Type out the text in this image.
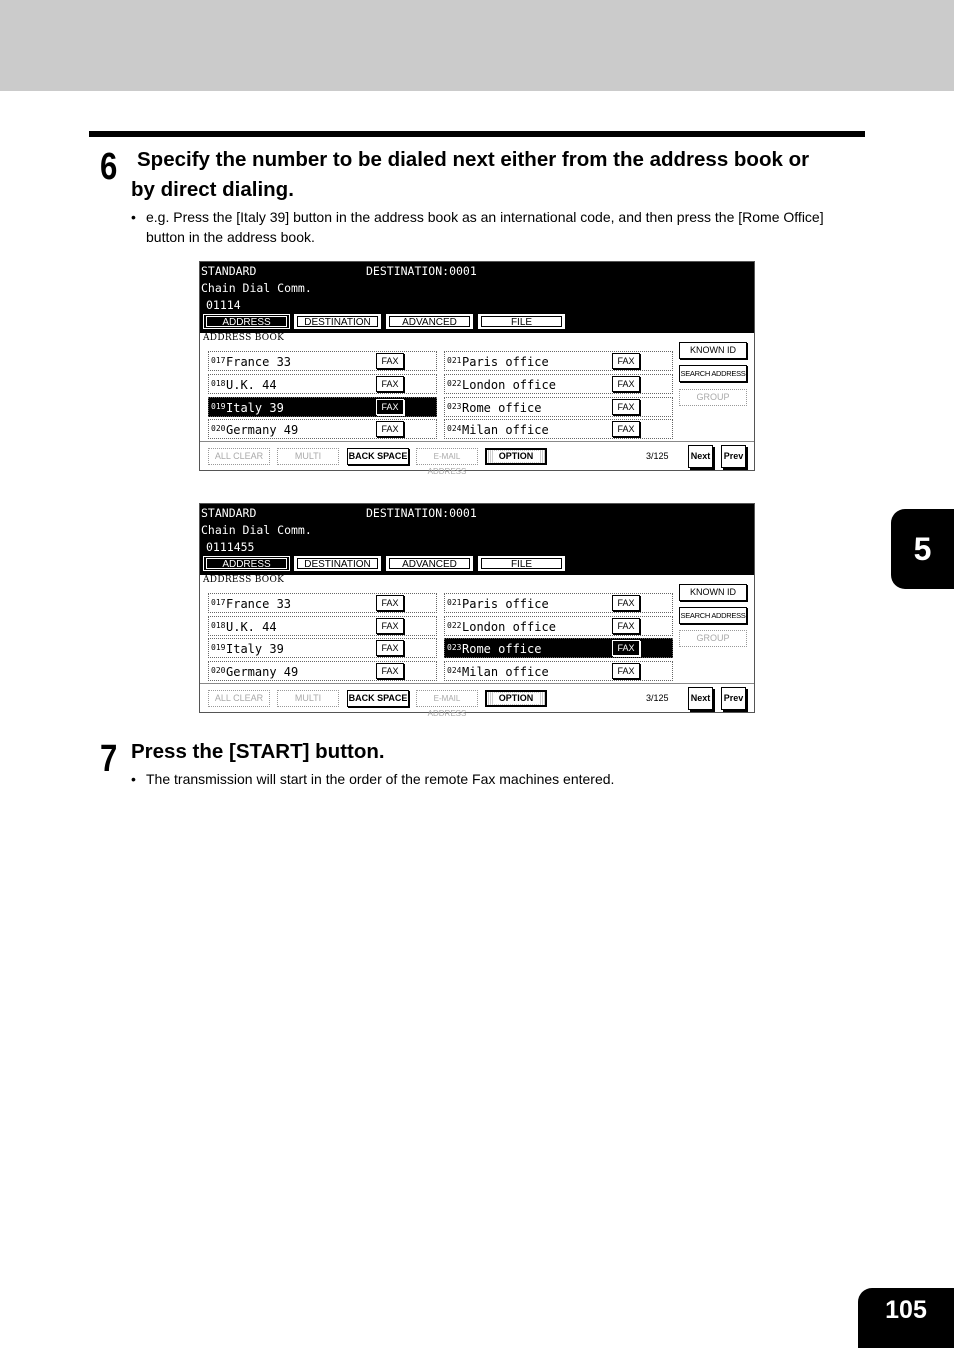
6 Specify the number to be dialed next either from the address book or
by direct dialing.
• e.g. Press the [Italy 39] button in the address book as an international code, and then press the [Rome Office]
button in the address book.
STANDARD	DESTINATION:0001
Chain Dial Comm.
01114
ADDRESS	DESTINATION	ADVANCED	FILE
ADDRESS BOOK
017 France 33	FAX
018 U.K. 44	FAX
019 Italy 39	FAX
020 Germany 49	FAX
021 Paris office	FAX
022 London office	FAX
023 Rome office	FAX
024 Milan office	FAX
KNOWN ID
SEARCH ADDRESS
GROUP
ALL CLEAR	MULTI	BACK SPACE	E-MAIL ADDRESS
OPTION	3/125	Next	Prev
STANDARD	DESTINATION:0001
Chain Dial Comm.
0111455
ADDRESS	DESTINATION	ADVANCED	FILE
ADDRESS BOOK
017 France 33	FAX
018 U.K. 44	FAX
019 Italy 39	FAX
020 Germany 49	FAX
021 Paris office	FAX
022 London office	FAX
023 Rome office	FAX
024 Milan office	FAX
KNOWN ID
SEARCH ADDRESS
GROUP
ALL CLEAR	MULTI	BACK SPACE	E-MAIL ADDRESS
OPTION	3/125	Next	Prev
7 Press the [START] button.
• The transmission will start in the order of the remote Fax machines entered.
5
105
